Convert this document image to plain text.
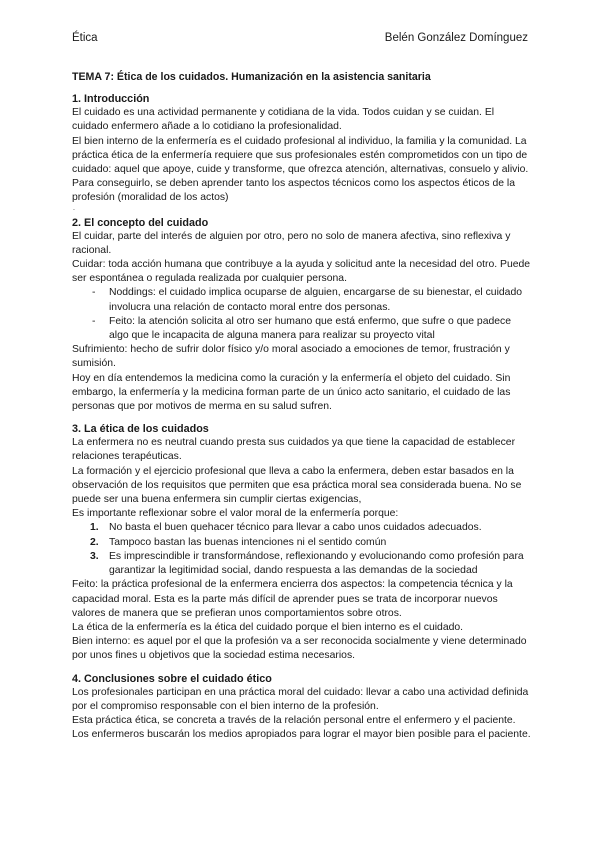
Ética	Belén González Domínguez
TEMA 7: Ética de los cuidados. Humanización en la asistencia sanitaria
1. Introducción

El cuidado es una actividad permanente y cotidiana de la vida. Todos cuidan y se cuidan. El cuidado enfermero añade a lo cotidiano la profesionalidad.

El bien interno de la enfermería es el cuidado profesional al individuo, la familia y la comunidad. La práctica ética de la enfermería requiere que sus profesionales estén comprometidos con un tipo de cuidado: aquel que apoye, cuide y transforme, que ofrezca atención, alternativas, consuelo y alivio. Para conseguirlo, se deben aprender tanto los aspectos técnicos como los aspectos éticos de la profesión (moralidad de los actos)

.
2. El concepto del cuidado

El cuidar, parte del interés de alguien por otro, pero no solo de manera afectiva, sino reflexiva y racional.

Cuidar: toda acción humana que contribuye a la ayuda y solicitud ante la necesidad del otro. Puede ser espontánea o regulada realizada por cualquier persona.

- Noddings: el cuidado implica ocuparse de alguien, encargarse de su bienestar, el cuidado involucra una relación de contacto moral entre dos personas.
- Feito: la atención solicita al otro ser humano que está enfermo, que sufre o que padece algo que le incapacita de alguna manera para realizar su proyecto vital

Sufrimiento: hecho de sufrir dolor físico y/o moral asociado a emociones de temor, frustración y sumisión.

Hoy en día entendemos la medicina como la curación y la enfermería el objeto del cuidado. Sin embargo, la enfermería y la medicina forman parte de un único acto sanitario, el cuidado de las personas que por motivos de merma en su salud sufren.

3. La ética de los cuidados

La enfermera no es neutral cuando presta sus cuidados ya que tiene la capacidad de establecer relaciones terapéuticas.

La formación y el ejercicio profesional que lleva a cabo la enfermera, deben estar basados en la observación de los requisitos que permiten que esa práctica moral sea considerada buena. No se puede ser una buena enfermera sin cumplir ciertas exigencias,

Es importante reflexionar sobre el valor moral de la enfermería porque:

1. No basta el buen quehacer técnico para llevar a cabo unos cuidados adecuados.
2. Tampoco bastan las buenas intenciones ni el sentido común
3. Es imprescindible ir transformándose, reflexionando y evolucionando como profesión para garantizar la legitimidad social, dando respuesta a las demandas de la sociedad

Feito: la práctica profesional de la enfermera encierra dos aspectos: la competencia técnica y la capacidad moral. Esta es la parte más difícil de aprender pues se trata de incorporar nuevos valores de manera que se prefieran unos comportamientos sobre otros.

La ética de la enfermería es la ética del cuidado porque el bien interno es el cuidado.

Bien interno: es aquel por el que la profesión va a ser reconocida socialmente y viene determinado por unos fines u objetivos que la sociedad estima necesarios.

4. Conclusiones sobre el cuidado ético

Los profesionales participan en una práctica moral del cuidado: llevar a cabo una actividad definida por el compromiso responsable con el bien interno de la profesión.

Esta práctica ética, se concreta a través de la relación personal entre el enfermero y el paciente. Los enfermeros buscarán los medios apropiados para lograr el mayor bien posible para el paciente.
